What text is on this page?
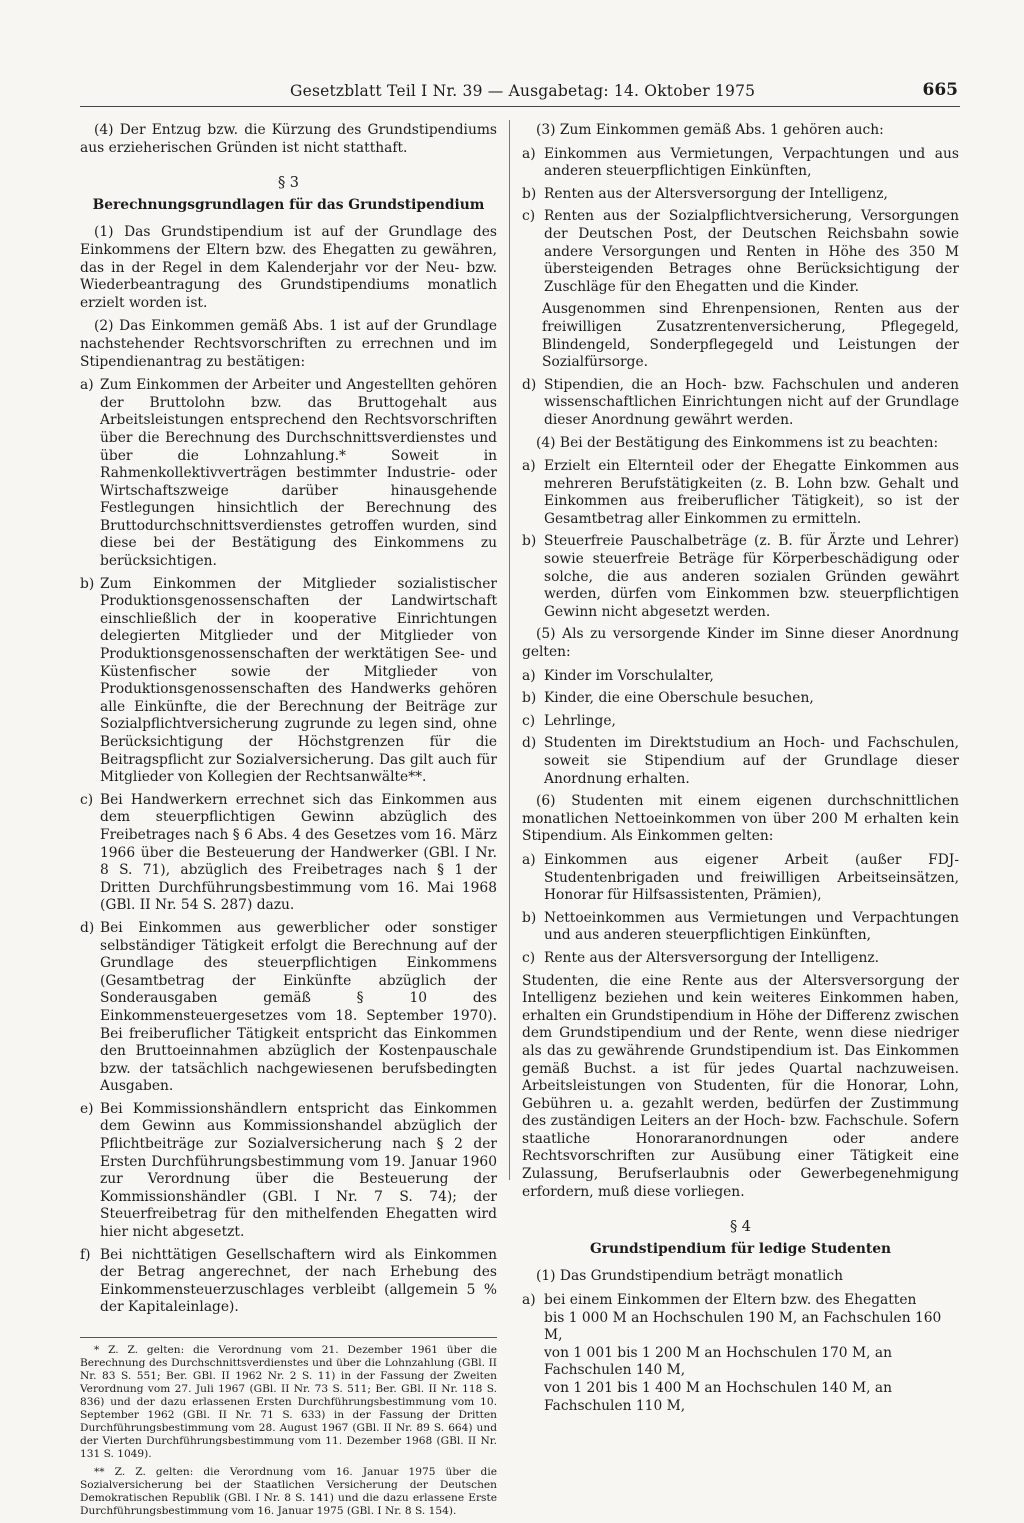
Gesetzblatt Teil I Nr. 39 — Ausgabetag: 14. Oktober 1975	665

(4) Der Entzug bzw. die Kürzung des Grundstipendiums aus erzieherischen Gründen ist nicht statthaft.

§ 3
Berechnungsgrundlagen für das Grundstipendium

(1) Das Grundstipendium ist auf der Grundlage des Einkommens der Eltern bzw. des Ehegatten zu gewähren, das in der Regel in dem Kalenderjahr vor der Neu- bzw. Wiederbeantragung des Grundstipendiums monatlich erzielt worden ist.

(2) Das Einkommen gemäß Abs. 1 ist auf der Grundlage nachstehender Rechtsvorschriften zu errechnen und im Stipendienantrag zu bestätigen:

a) Zum Einkommen der Arbeiter und Angestellten gehören der Bruttolohn bzw. das Bruttogehalt aus Arbeitsleistungen entsprechend den Rechtsvorschriften über die Berechnung des Durchschnittsverdienstes und über die Lohnzahlung.* Soweit in Rahmenkollektivverträgen bestimmter Industrie- oder Wirtschaftszweige darüber hinausgehende Festlegungen hinsichtlich der Berechnung des Bruttodurchschnittsverdienstes getroffen wurden, sind diese bei der Bestätigung des Einkommens zu berücksichtigen.
b) Zum Einkommen der Mitglieder sozialistischer Produktionsgenossenschaften der Landwirtschaft einschließlich der in kooperative Einrichtungen delegierten Mitglieder und der Mitglieder von Produktionsgenossenschaften der werktätigen See- und Küstenfischer sowie der Mitglieder von Produktionsgenossenschaften des Handwerks gehören alle Einkünfte, die der Berechnung der Beiträge zur Sozialpflichtversicherung zugrunde zu legen sind, ohne Berücksichtigung der Höchstgrenzen für die Beitragspflicht zur Sozialversicherung. Das gilt auch für Mitglieder von Kollegien der Rechtsanwälte**.
c) Bei Handwerkern errechnet sich das Einkommen aus dem steuerpflichtigen Gewinn abzüglich des Freibetrages nach § 6 Abs. 4 des Gesetzes vom 16. März 1966 über die Besteuerung der Handwerker (GBl. I Nr. 8 S. 71), abzüglich des Freibetrages nach § 1 der Dritten Durchführungsbestimmung vom 16. Mai 1968 (GBl. II Nr. 54 S. 287) dazu.
d) Bei Einkommen aus gewerblicher oder sonstiger selbständiger Tätigkeit erfolgt die Berechnung auf der Grundlage des steuerpflichtigen Einkommens (Gesamtbetrag der Einkünfte abzüglich der Sonderausgaben gemäß § 10 des Einkommensteuergesetzes vom 18. September 1970). Bei freiberuflicher Tätigkeit entspricht das Einkommen den Bruttoeinnahmen abzüglich der Kostenpauschale bzw. der tatsächlich nachgewiesenen berufsbedingten Ausgaben.
e) Bei Kommissionshändlern entspricht das Einkommen dem Gewinn aus Kommissionshandel abzüglich der Pflichtbeiträge zur Sozialversicherung nach § 2 der Ersten Durchführungsbestimmung vom 19. Januar 1960 zur Verordnung über die Besteuerung der Kommissionshändler (GBl. I Nr. 7 S. 74); der Steuerfreibetrag für den mithelfenden Ehegatten wird hier nicht abgesetzt.
f) Bei nichttätigen Gesellschaftern wird als Einkommen der Betrag angerechnet, der nach Erhebung des Einkommensteuerzuschlages verbleibt (allgemein 5 % der Kapitaleinlage).

* Z. Z. gelten: die Verordnung vom 21. Dezember 1961 über die Berechnung des Durchschnittsverdienstes und über die Lohnzahlung (GBl. II Nr. 83 S. 551; Ber. GBl. II 1962 Nr. 2 S. 11) in der Fassung der Zweiten Verordnung vom 27. Juli 1967 (GBl. II Nr. 73 S. 511; Ber. GBl. II Nr. 118 S. 836) und der dazu erlassenen Ersten Durchführungsbestimmung vom 10. September 1962 (GBl. II Nr. 71 S. 633) in der Fassung der Dritten Durchführungsbestimmung vom 28. August 1967 (GBl. II Nr. 89 S. 664) und der Vierten Durchführungsbestimmung vom 11. Dezember 1968 (GBl. II Nr. 131 S. 1049).

** Z. Z. gelten: die Verordnung vom 16. Januar 1975 über die Sozialversicherung bei der Staatlichen Versicherung der Deutschen Demokratischen Republik (GBl. I Nr. 8 S. 141) und die dazu erlassene Erste Durchführungsbestimmung vom 16. Januar 1975 (GBl. I Nr. 8 S. 154).

(3) Zum Einkommen gemäß Abs. 1 gehören auch:

a) Einkommen aus Vermietungen, Verpachtungen und aus anderen steuerpflichtigen Einkünften,
b) Renten aus der Altersversorgung der Intelligenz,
c) Renten aus der Sozialpflichtversicherung, Versorgungen der Deutschen Post, der Deutschen Reichsbahn sowie andere Versorgungen und Renten in Höhe des 350 M übersteigenden Betrages ohne Berücksichtigung der Zuschläge für den Ehegatten und die Kinder.
Ausgenommen sind Ehrenpensionen, Renten aus der freiwilligen Zusatzrentenversicherung, Pflegegeld, Blindengeld, Sonderpflegegeld und Leistungen der Sozialfürsorge.
d) Stipendien, die an Hoch- bzw. Fachschulen und anderen wissenschaftlichen Einrichtungen nicht auf der Grundlage dieser Anordnung gewährt werden.

(4) Bei der Bestätigung des Einkommens ist zu beachten:

a) Erzielt ein Elternteil oder der Ehegatte Einkommen aus mehreren Berufstätigkeiten (z. B. Lohn bzw. Gehalt und Einkommen aus freiberuflicher Tätigkeit), so ist der Gesamtbetrag aller Einkommen zu ermitteln.
b) Steuerfreie Pauschalbeträge (z. B. für Ärzte und Lehrer) sowie steuerfreie Beträge für Körperbeschädigung oder solche, die aus anderen sozialen Gründen gewährt werden, dürfen vom Einkommen bzw. steuerpflichtigen Gewinn nicht abgesetzt werden.

(5) Als zu versorgende Kinder im Sinne dieser Anordnung gelten:

a) Kinder im Vorschulalter,
b) Kinder, die eine Oberschule besuchen,
c) Lehrlinge,
d) Studenten im Direktstudium an Hoch- und Fachschulen, soweit sie Stipendium auf der Grundlage dieser Anordnung erhalten.

(6) Studenten mit einem eigenen durchschnittlichen monatlichen Nettoeinkommen von über 200 M erhalten kein Stipendium. Als Einkommen gelten:

a) Einkommen aus eigener Arbeit (außer FDJ-Studentenbrigaden und freiwilligen Arbeitseinsätzen, Honorar für Hilfsassistenten, Prämien),
b) Nettoeinkommen aus Vermietungen und Verpachtungen und aus anderen steuerpflichtigen Einkünften,
c) Rente aus der Altersversorgung der Intelligenz.

Studenten, die eine Rente aus der Altersversorgung der Intelligenz beziehen und kein weiteres Einkommen haben, erhalten ein Grundstipendium in Höhe der Differenz zwischen dem Grundstipendium und der Rente, wenn diese niedriger als das zu gewährende Grundstipendium ist. Das Einkommen gemäß Buchst. a ist für jedes Quartal nachzuweisen. Arbeitsleistungen von Studenten, für die Honorar, Lohn, Gebühren u. a. gezahlt werden, bedürfen der Zustimmung des zuständigen Leiters an der Hoch- bzw. Fachschule. Sofern staatliche Honoraranordnungen oder andere Rechtsvorschriften zur Ausübung einer Tätigkeit eine Zulassung, Berufserlaubnis oder Gewerbegenehmigung erfordern, muß diese vorliegen.

§ 4
Grundstipendium für ledige Studenten

(1) Das Grundstipendium beträgt monatlich

a) bei einem Einkommen der Eltern bzw. des Ehegatten
bis 1 000 M an Hochschulen 190 M, an Fachschulen 160 M,
von 1 001 bis 1 200 M an Hochschulen 170 M, an Fachschulen 140 M,
von 1 201 bis 1 400 M an Hochschulen 140 M, an Fachschulen 110 M,
